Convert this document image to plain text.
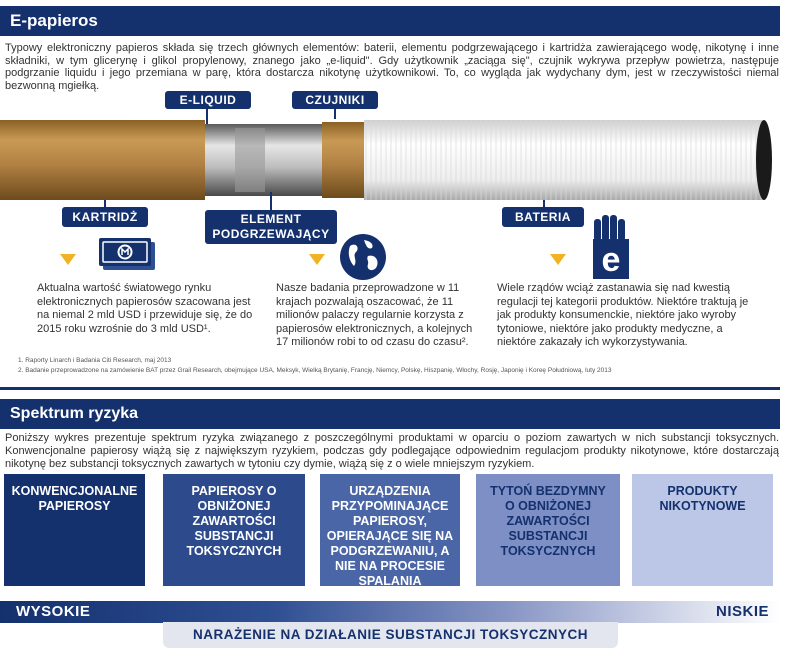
E-papieros
Typowy elektroniczny papieros składa się trzech głównych elementów: baterii, elementu podgrzewającego i kartridża zawierającego wodę, nikotynę i inne składniki, w tym glicerynę i glikol propylenowy, znanego jako „e-liquid". Gdy użytkownik „zaciąga się", czujnik wykrywa przepływ powietrza, następuje podgrzanie liquidu i jego przemiana w parę, która dostarcza nikotynę użytkownikowi. To, co wygląda jak wydychany dym, jest w rzeczywistości niemal bezwonną mgiełką.
E-LIQUID	CZUJNIKI
KARTRIDŻ	ELEMENT
PODGRZEWAJĄCY
BATERIA
e
Aktualna wartość światowego rynku elektronicznych papierosów szacowana jest na niemal 2 mld USD i przewiduje się, że do 2015 roku wzrośnie do 3 mld USD¹.
Nasze badania przeprowadzone w 11 krajach pozwalają oszacować, że 11 milionów palaczy regularnie korzysta z papierosów elektronicznych, a kolejnych 17 milionów robi to od czasu do czasu².
Wiele rządów wciąż zastanawia się nad kwestią regulacji tej kategorii produktów. Niektóre traktują je jak produkty konsumenckie, niektóre jako wyroby tytoniowe, niektóre jako produkty medyczne, a niektóre zakazały ich wykorzystywania.
1. Raporty Linarch i Badania Citi Research, maj 2013
2. Badanie przeprowadzone na zamówienie BAT przez Grail Research, obejmujące USA, Meksyk, Wielką Brytanię, Francję, Niemcy, Polskę, Hiszpanię, Włochy, Rosję, Japonię i Koreę Południową, luty 2013
Spektrum ryzyka
Poniższy wykres prezentuje spektrum ryzyka związanego z poszczególnymi produktami w oparciu o poziom zawartych w nich substancji toksycznych. Konwencjonalne papierosy wiążą się z największym ryzykiem, podczas gdy podlegające odpowiednim regulacjom produkty nikotynowe, które dostarczają nikotynę bez substancji toksycznych zawartych w tytoniu czy dymie, wiążą się z o wiele mniejszym ryzykiem.
KONWENCJONALNE PAPIEROSY
PAPIEROSY O OBNIŻONEJ ZAWARTOŚCI SUBSTANCJI TOKSYCZNYCH
URZĄDZENIA PRZYPOMINAJĄCE PAPIEROSY, OPIERAJĄCE SIĘ NA PODGRZEWANIU, A NIE NA PROCESIE SPALANIA
TYTOŃ BEZDYMNY O OBNIŻONEJ ZAWARTOŚCI SUBSTANCJI TOKSYCZNYCH
PRODUKTY NIKOTYNOWE
WYSOKIE	NISKIE
NARAŻENIE NA DZIAŁANIE SUBSTANCJI TOKSYCZNYCH
